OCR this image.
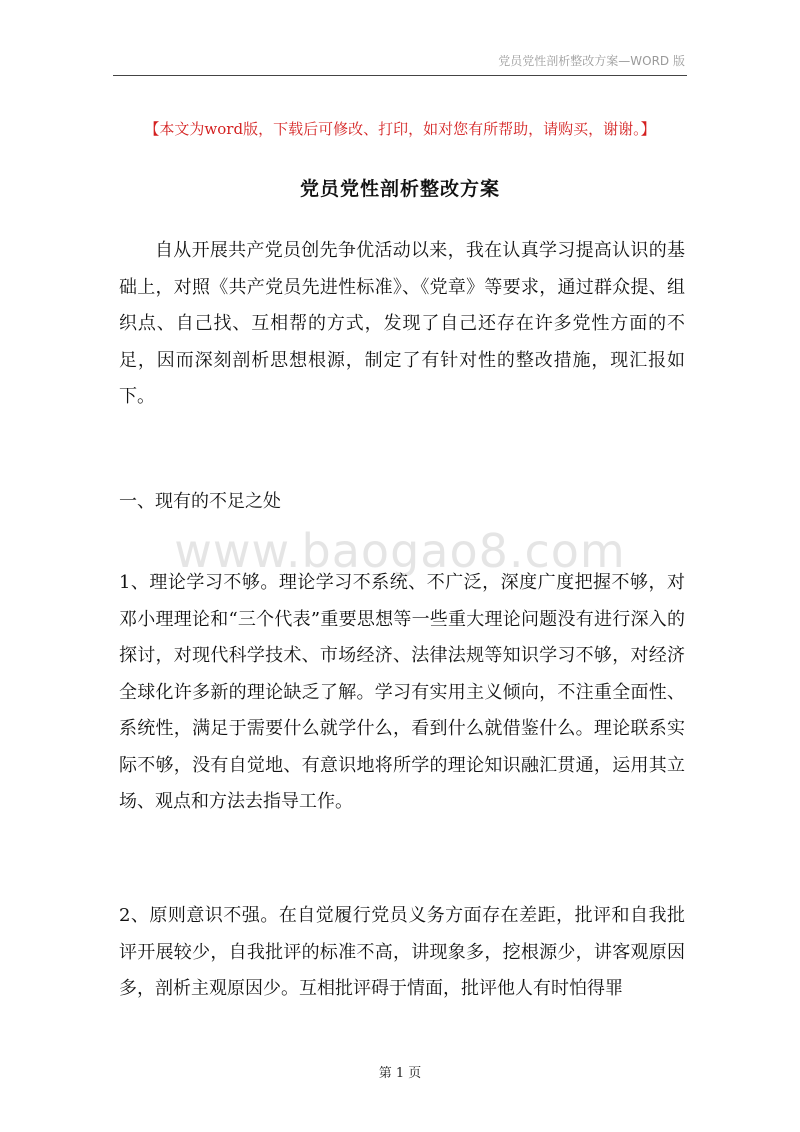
党员党性剖析整改方案—WORD 版
【本文为word版，下载后可修改、打印，如对您有所帮助，请购买，谢谢。】
党员党性剖析整改方案

自从开展共产党员创先争优活动以来，我在认真学习提高认识的基础上，对照《共产党员先进性标准》、《党章》等要求，通过群众提、组织点、自己找、互相帮的方式，发现了自己还存在许多党性方面的不足，因而深刻剖析思想根源，制定了有针对性的整改措施，现汇报如下。

一、现有的不足之处

www.baogao8.com

1、理论学习不够。理论学习不系统、不广泛，深度广度把握不够，对邓小理理论和“三个代表”重要思想等一些重大理论问题没有进行深入的探讨，对现代科学技术、市场经济、法律法规等知识学习不够，对经济全球化许多新的理论缺乏了解。学习有实用主义倾向，不注重全面性、系统性，满足于需要什么就学什么，看到什么就借鉴什么。理论联系实际不够，没有自觉地、有意识地将所学的理论知识融汇贯通，运用其立场、观点和方法去指导工作。

2、原则意识不强。在自觉履行党员义务方面存在差距，批评和自我批评开展较少，自我批评的标准不高，讲现象多，挖根源少，讲客观原因多，剖析主观原因少。互相批评碍于情面，批评他人有时怕得罪

第 1 页
